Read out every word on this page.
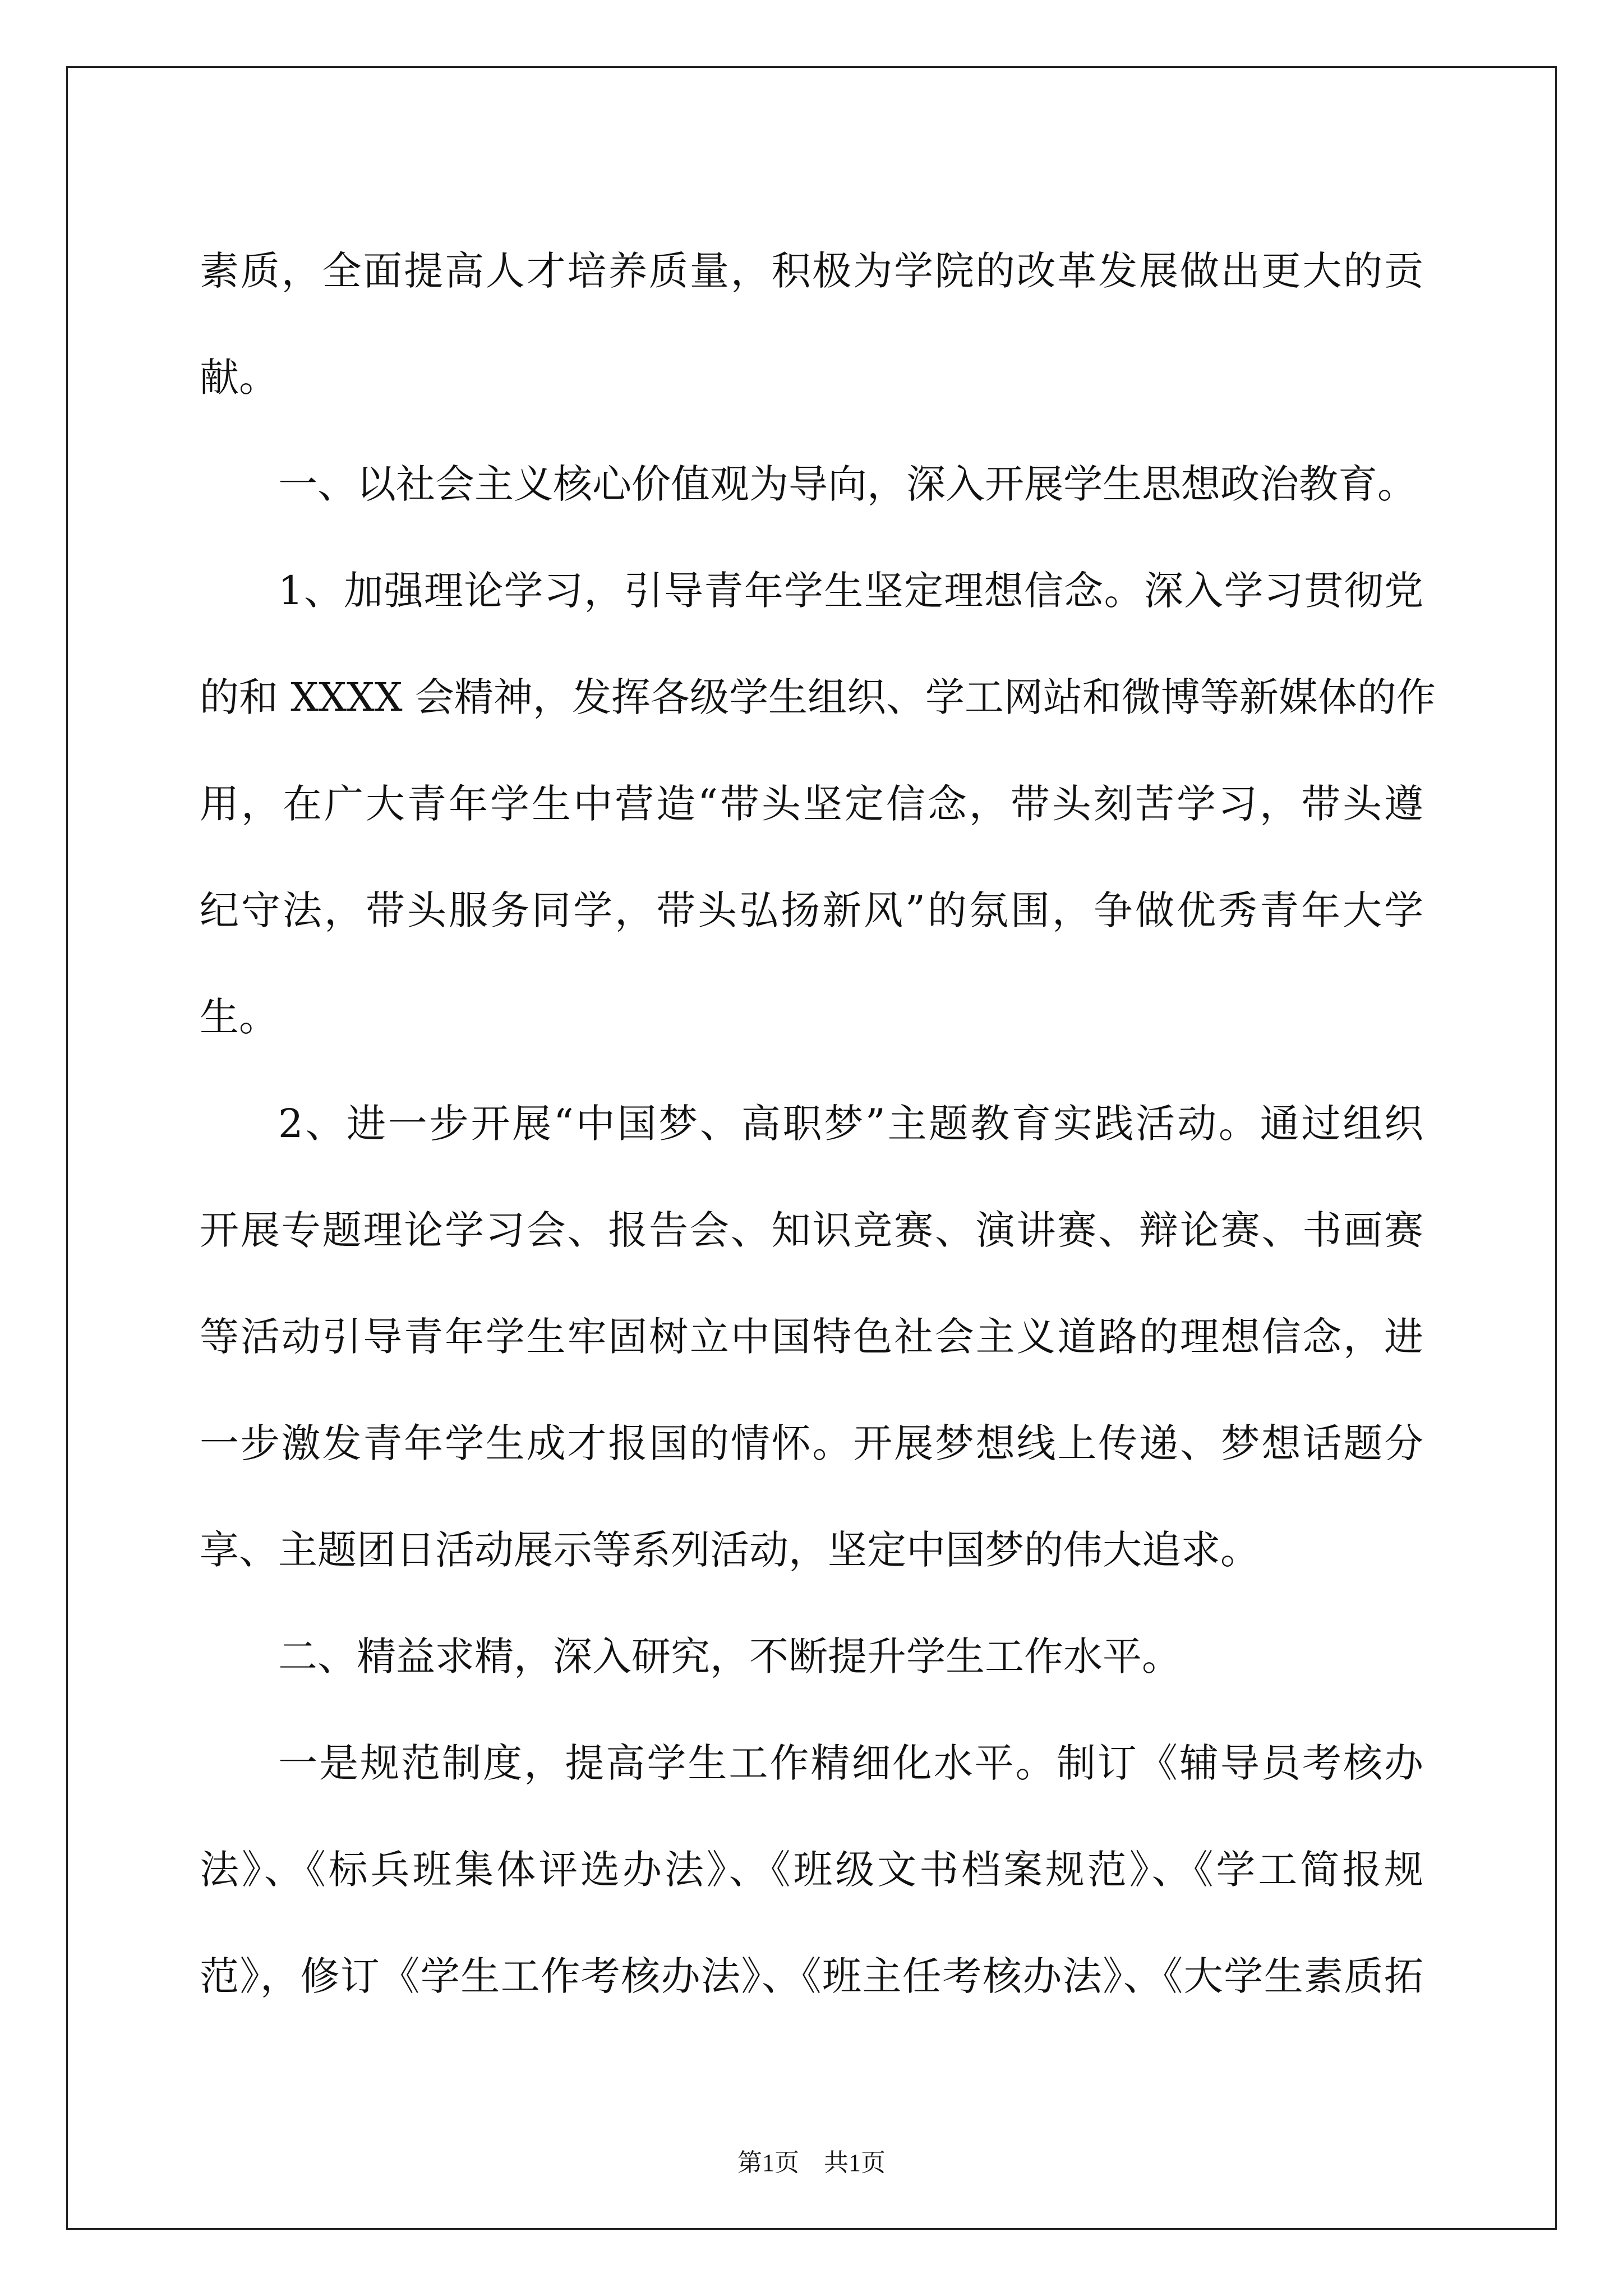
素质，全面提高人才培养质量，积极为学院的改革发展做出更大的贡
献。
一、以社会主义核心价值观为导向，深入开展学生思想政治教育。
1、加强理论学习，引导青年学生坚定理想信念。深入学习贯彻党
的和 XXXX 会精神，发挥各级学生组织、学工网站和微博等新媒体的作
用，在广大青年学生中营造“带头坚定信念，带头刻苦学习，带头遵
纪守法，带头服务同学，带头弘扬新风”的氛围，争做优秀青年大学
生。
2、进一步开展“中国梦、高职梦”主题教育实践活动。通过组织
开展专题理论学习会、报告会、知识竞赛、演讲赛、辩论赛、书画赛
等活动引导青年学生牢固树立中国特色社会主义道路的理想信念，进
一步激发青年学生成才报国的情怀。开展梦想线上传递、梦想话题分
享、主题团日活动展示等系列活动，坚定中国梦的伟大追求。
二、精益求精，深入研究，不断提升学生工作水平。
一是规范制度，提高学生工作精细化水平。制订《辅导员考核办
法》、《标兵班集体评选办法》、《班级文书档案规范》、《学工简报规
范》，修订《学生工作考核办法》、《班主任考核办法》、《大学生素质拓
第1页　共1页
